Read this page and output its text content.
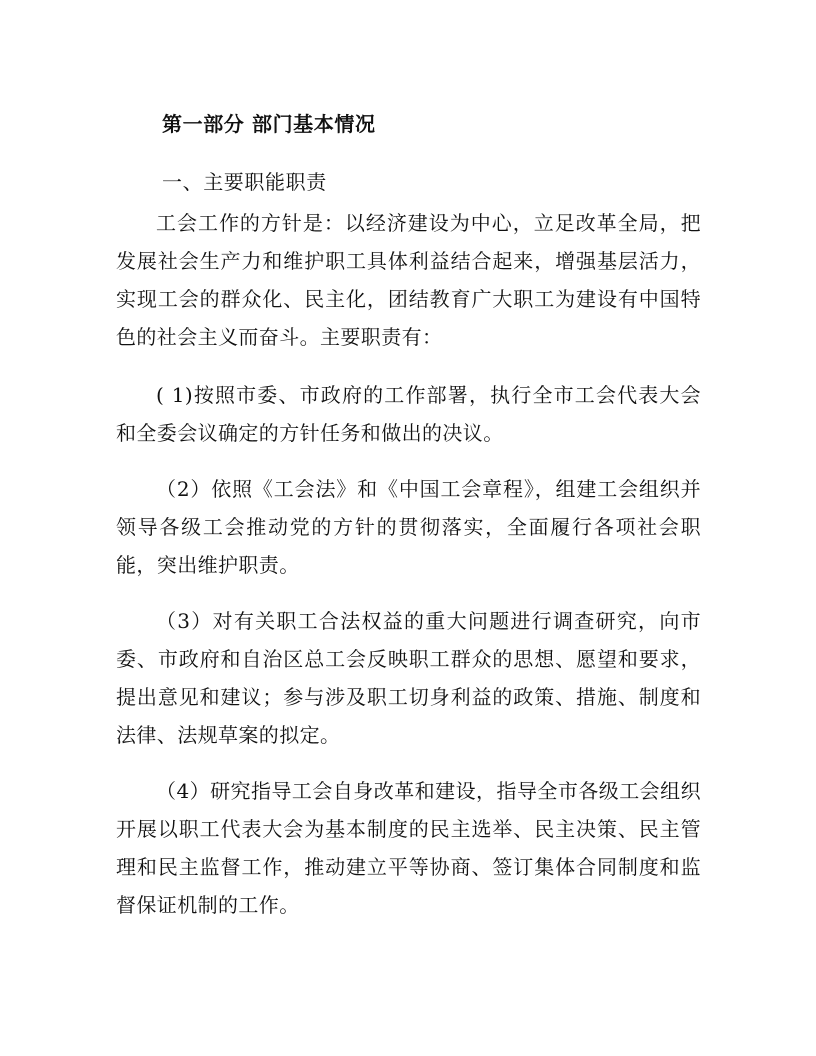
第一部分 部门基本情况

一、主要职能职责

工会工作的方针是：以经济建设为中心，立足改革全局，把发展社会生产力和维护职工具体利益结合起来，增强基层活力，实现工会的群众化、民主化，团结教育广大职工为建设有中国特色的社会主义而奋斗。主要职责有：

( 1)按照市委、市政府的工作部署，执行全市工会代表大会和全委会议确定的方针任务和做出的决议。

（2）依照《工会法》和《中国工会章程》，组建工会组织并领导各级工会推动党的方针的贯彻落实，全面履行各项社会职能，突出维护职责。

（3）对有关职工合法权益的重大问题进行调查研究，向市委、市政府和自治区总工会反映职工群众的思想、愿望和要求，提出意见和建议；参与涉及职工切身利益的政策、措施、制度和法律、法规草案的拟定。

（4）研究指导工会自身改革和建设，指导全市各级工会组织开展以职工代表大会为基本制度的民主选举、民主决策、民主管理和民主监督工作，推动建立平等协商、签订集体合同制度和监督保证机制的工作。
